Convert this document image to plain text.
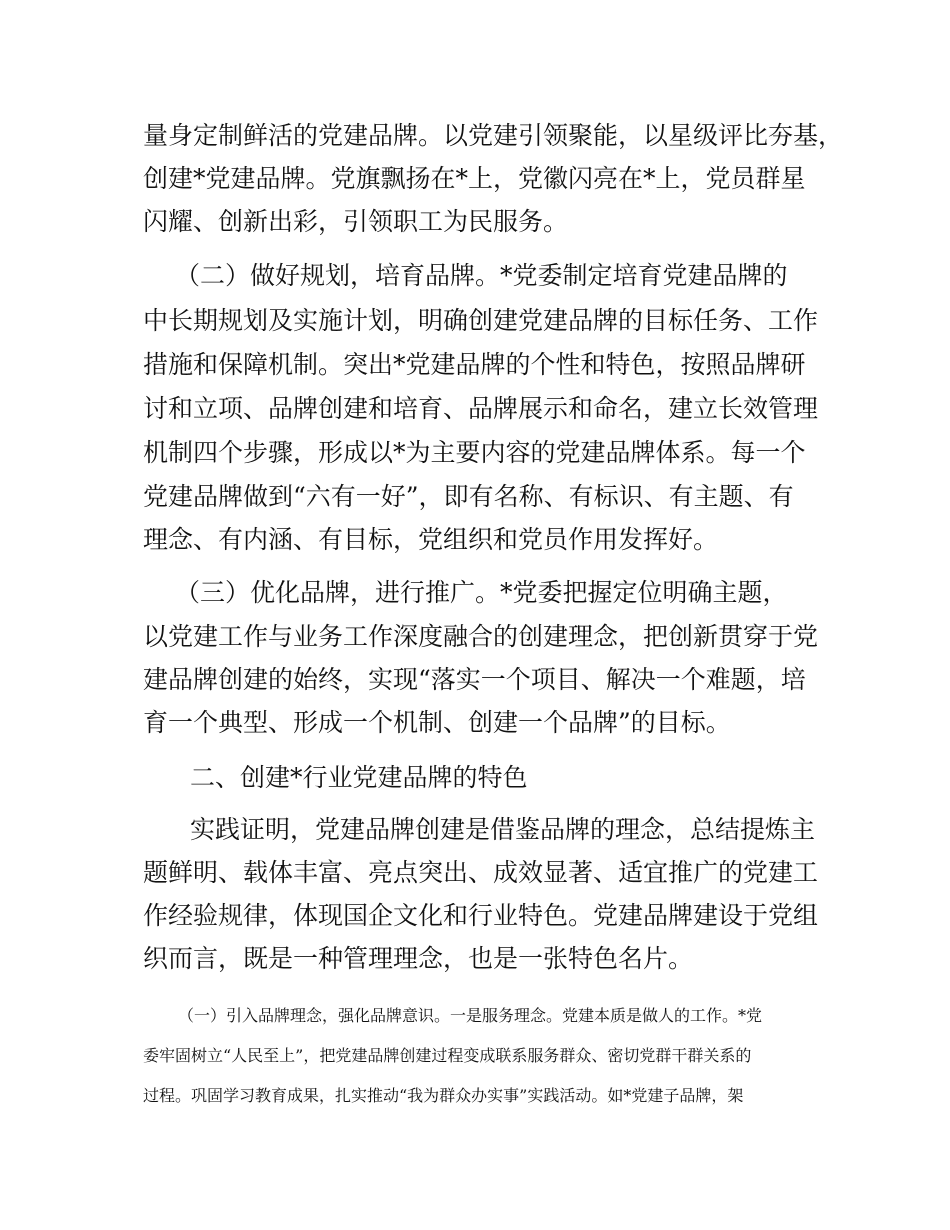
量身定制鲜活的党建品牌。以党建引领聚能，以星级评比夯基，
创建*党建品牌。党旗飘扬在*上，党徽闪亮在*上，党员群星
闪耀、创新出彩，引领职工为民服务。
（二）做好规划，培育品牌。*党委制定培育党建品牌的
中长期规划及实施计划，明确创建党建品牌的目标任务、工作
措施和保障机制。突出*党建品牌的个性和特色，按照品牌研
讨和立项、品牌创建和培育、品牌展示和命名，建立长效管理
机制四个步骤，形成以*为主要内容的党建品牌体系。每一个
党建品牌做到“六有一好”，即有名称、有标识、有主题、有
理念、有内涵、有目标，党组织和党员作用发挥好。
（三）优化品牌，进行推广。*党委把握定位明确主题，
以党建工作与业务工作深度融合的创建理念，把创新贯穿于党
建品牌创建的始终，实现“落实一个项目、解决一个难题，培
育一个典型、形成一个机制、创建一个品牌”的目标。
二、创建*行业党建品牌的特色
实践证明，党建品牌创建是借鉴品牌的理念，总结提炼主
题鲜明、载体丰富、亮点突出、成效显著、适宜推广的党建工
作经验规律，体现国企文化和行业特色。党建品牌建设于党组
织而言，既是一种管理理念，也是一张特色名片。
（一）引入品牌理念，强化品牌意识。一是服务理念。党建本质是做人的工作。*党
委牢固树立“人民至上”，把党建品牌创建过程变成联系服务群众、密切党群干群关系的
过程。巩固学习教育成果，扎实推动“我为群众办实事”实践活动。如*党建子品牌，架
